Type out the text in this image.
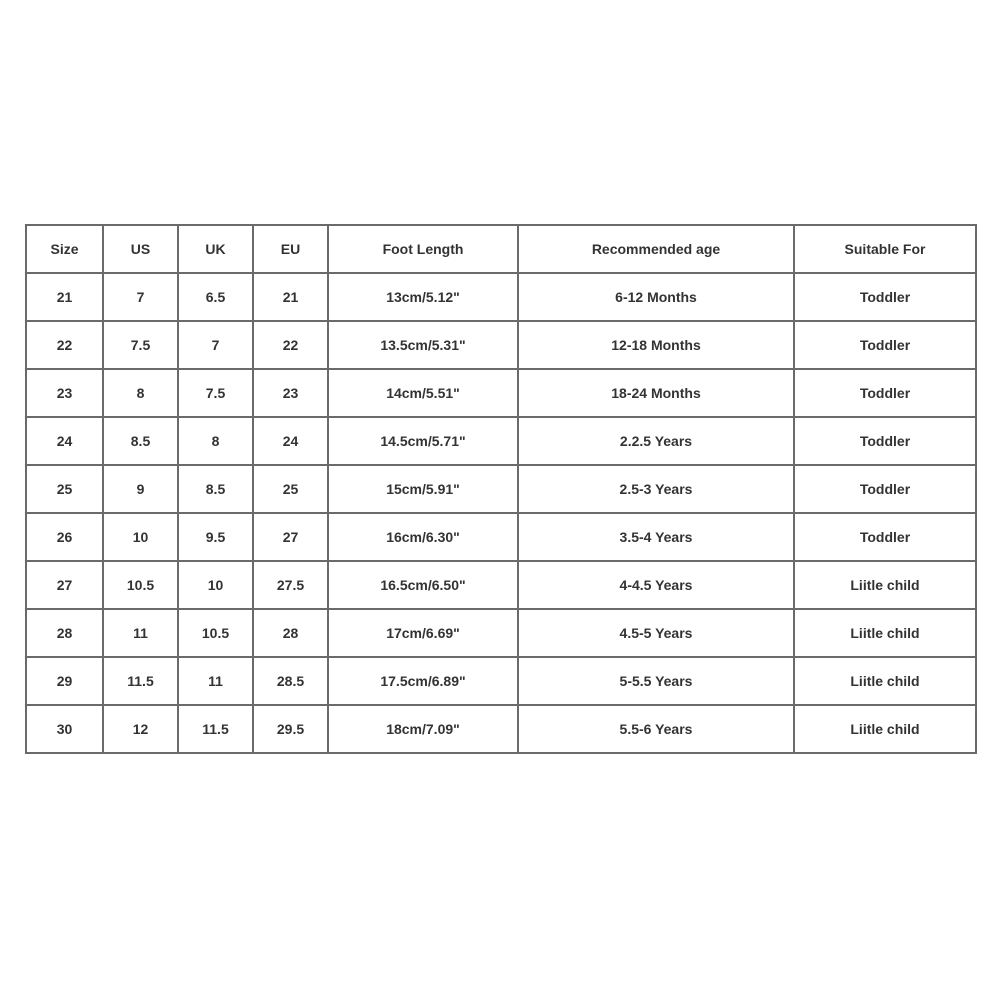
Size	US	UK	EU	Foot Length	Recommended age	Suitable For
21	7	6.5	21	13cm/5.12"	6-12 Months	Toddler
22	7.5	7	22	13.5cm/5.31"	12-18 Months	Toddler
23	8	7.5	23	14cm/5.51"	18-24 Months	Toddler
24	8.5	8	24	14.5cm/5.71"	2.2.5 Years	Toddler
25	9	8.5	25	15cm/5.91"	2.5-3 Years	Toddler
26	10	9.5	27	16cm/6.30"	3.5-4 Years	Toddler
27	10.5	10	27.5	16.5cm/6.50"	4-4.5 Years	Liitle child
28	11	10.5	28	17cm/6.69"	4.5-5 Years	Liitle child
29	11.5	11	28.5	17.5cm/6.89"	5-5.5 Years	Liitle child
30	12	11.5	29.5	18cm/7.09"	5.5-6 Years	Liitle child
